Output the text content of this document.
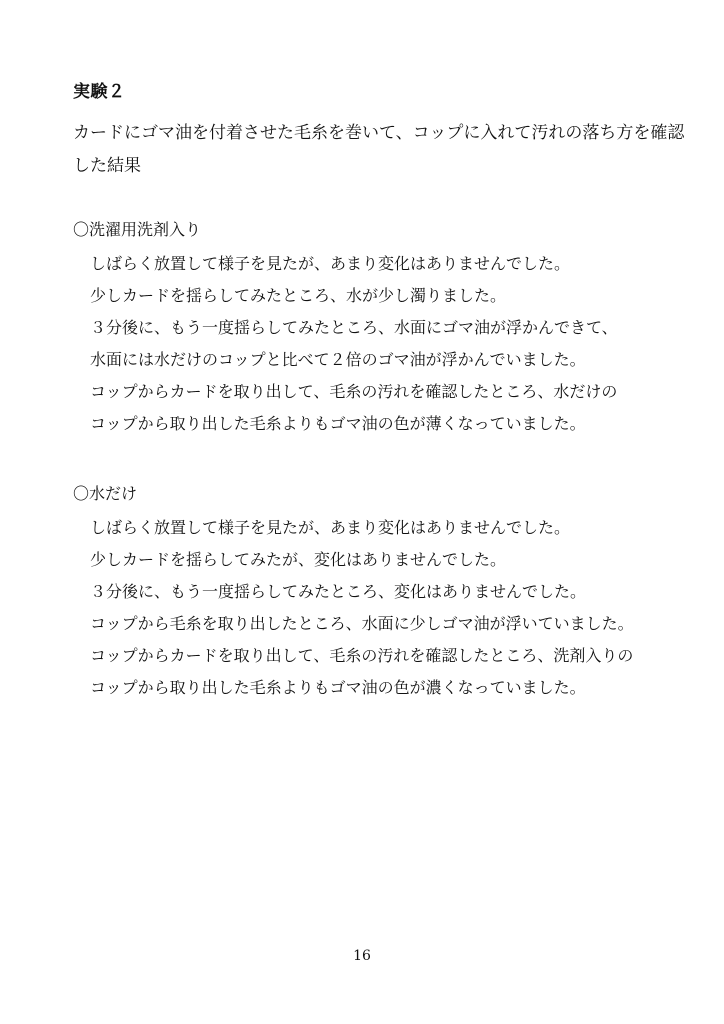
実験２

カードにゴマ油を付着させた毛糸を巻いて、コップに入れて汚れの落ち方を確認

した結果

〇洗濯用洗剤入り
しばらく放置して様子を見たが、あまり変化はありませんでした。
少しカードを揺らしてみたところ、水が少し濁りました。
３分後に、もう一度揺らしてみたところ、水面にゴマ油が浮かんできて、
水面には水だけのコップと比べて２倍のゴマ油が浮かんでいました。
コップからカードを取り出して、毛糸の汚れを確認したところ、水だけの
コップから取り出した毛糸よりもゴマ油の色が薄くなっていました。
〇水だけ
しばらく放置して様子を見たが、あまり変化はありませんでした。
少しカードを揺らしてみたが、変化はありませんでした。
３分後に、もう一度揺らしてみたところ、変化はありませんでした。
コップから毛糸を取り出したところ、水面に少しゴマ油が浮いていました。
コップからカードを取り出して、毛糸の汚れを確認したところ、洗剤入りの
コップから取り出した毛糸よりもゴマ油の色が濃くなっていました。
16
